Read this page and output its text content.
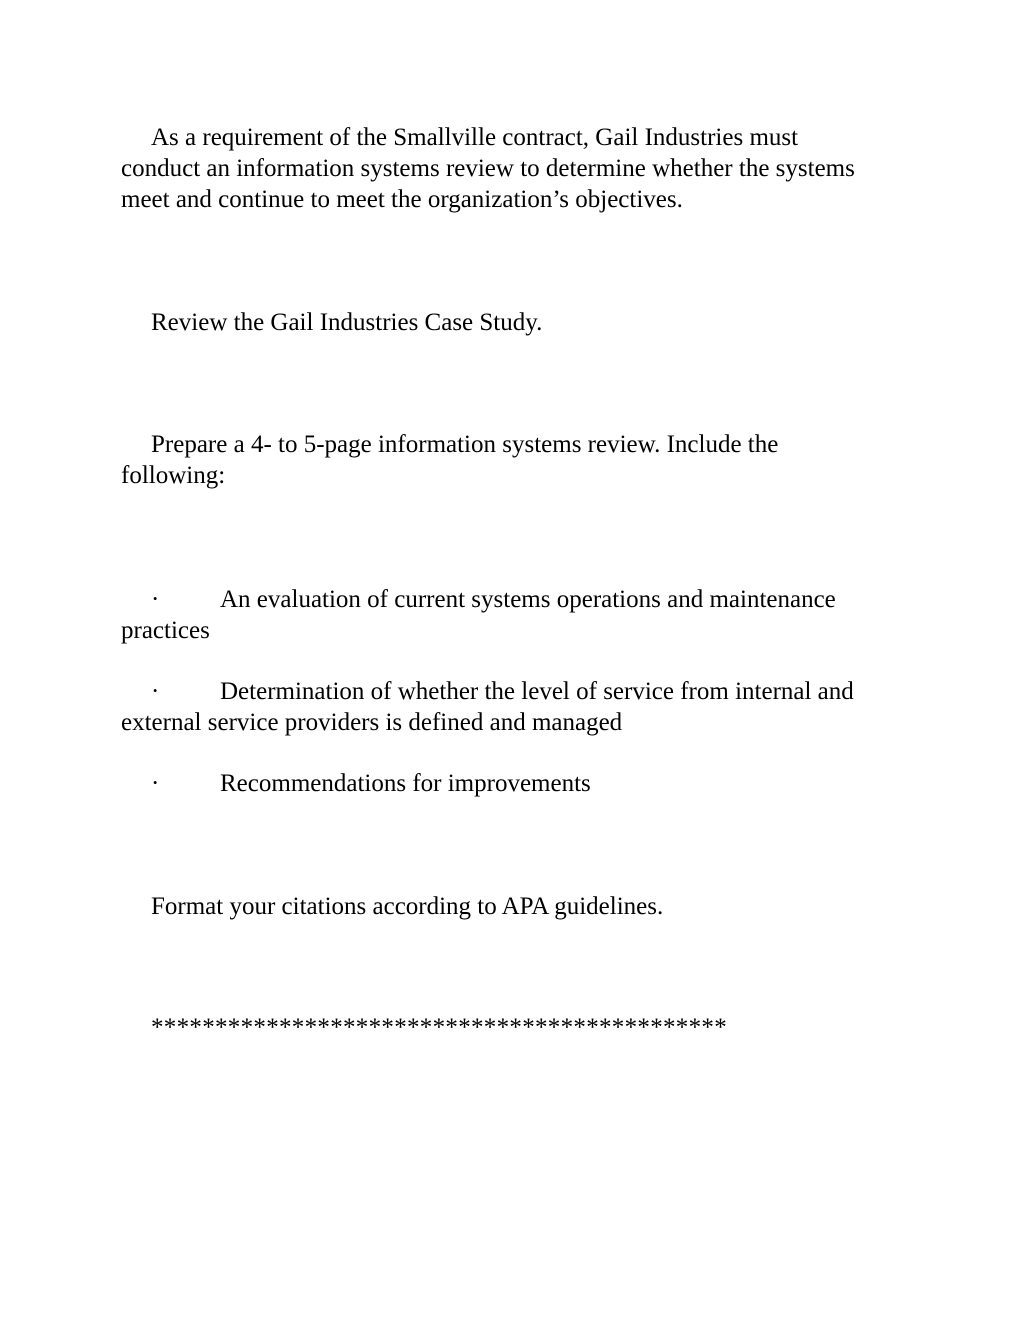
As a requirement of the Smallville contract, Gail Industries must conduct an information systems review to determine whether the systems meet and continue to meet the organization’s objectives.

Review the Gail Industries Case Study.

Prepare a 4- to 5-page information systems review. Include the following:

· An evaluation of current systems operations and maintenance practices

· Determination of whether the level of service from internal and external service providers is defined and managed

· Recommendations for improvements

Format your citations according to APA guidelines.

*********************************************
